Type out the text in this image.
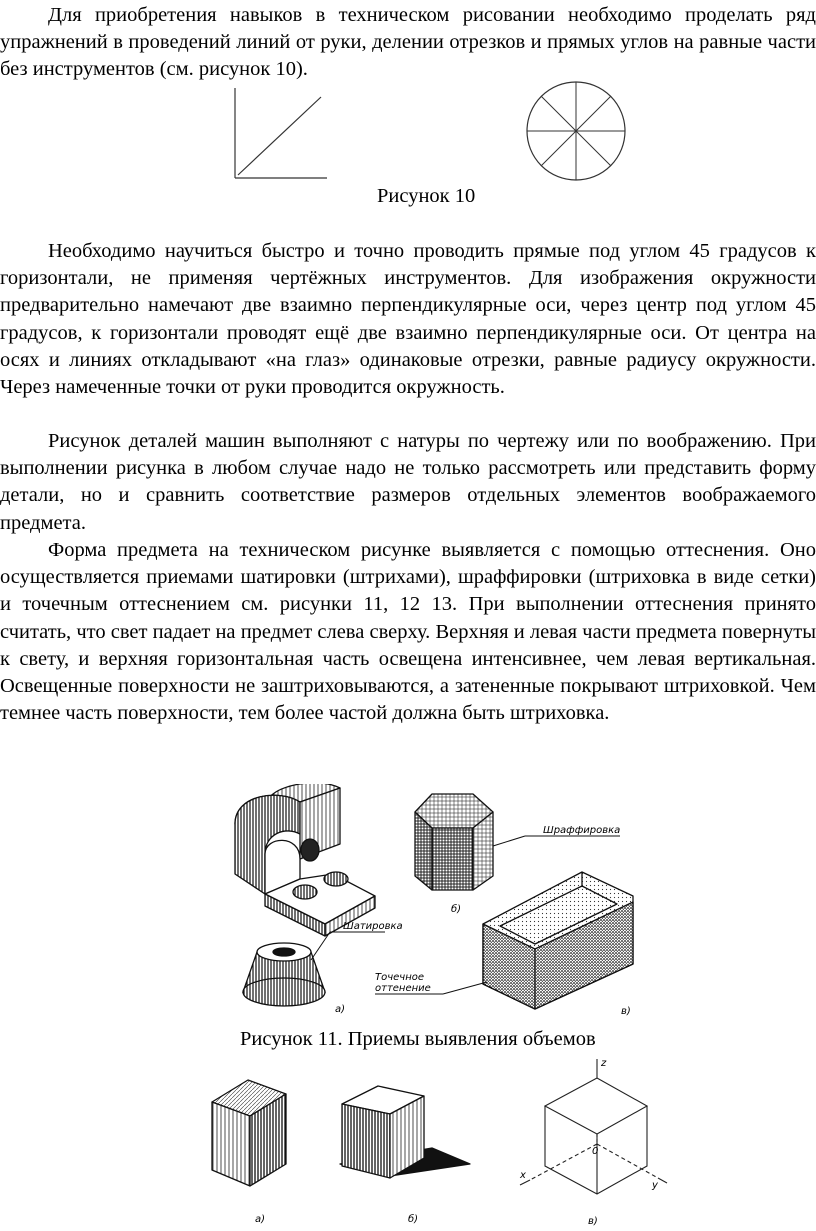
Для приобретения навыков в техническом рисовании необходимо проделать ряд упражнений в проведений линий от руки, делении отрезков и прямых углов на равные части без инструментов (см. рисунок 10).

Рисунок 10

Необходимо научиться быстро и точно проводить прямые под углом 45 градусов к горизонтали, не применяя чертёжных инструментов. Для изображения окружности предварительно намечают две взаимно перпендикулярные оси, через центр под углом 45 градусов, к горизонтали проводят ещё две взаимно перпендикулярные оси. От центра на осях и линиях откладывают «на глаз» одинаковые отрезки, равные радиусу окружности. Через намеченные точки от руки проводится окружность.

Рисунок деталей машин выполняют с натуры по чертежу или по воображению. При выполнении рисунка в любом случае надо не только рассмотреть или представить форму детали, но и сравнить соответствие размеров отдельных элементов воображаемого предмета.

Форма предмета на техническом рисунке выявляется с помощью оттеснения. Оно осуществляется приемами шатировки (штрихами), шраффировки (штриховка в виде сетки) и точечным оттеснением см. рисунки 11, 12 13. При выполнении оттеснения принято считать, что свет падает на предмет слева сверху. Верхняя и левая части предмета повернуты к свету, и верхняя горизонтальная часть освещена интенсивнее, чем левая вертикальная. Освещенные поверхности не заштриховываются, а затененные покрывают штриховкой. Чем темнее часть поверхности, тем более частой должна быть штриховка.

Шатировка
а)
Шраффировка
б)
Точечное
оттенение
в)
Рисунок 11. Приемы выявления объемов
а)	б)
z
x
y
0
в)
